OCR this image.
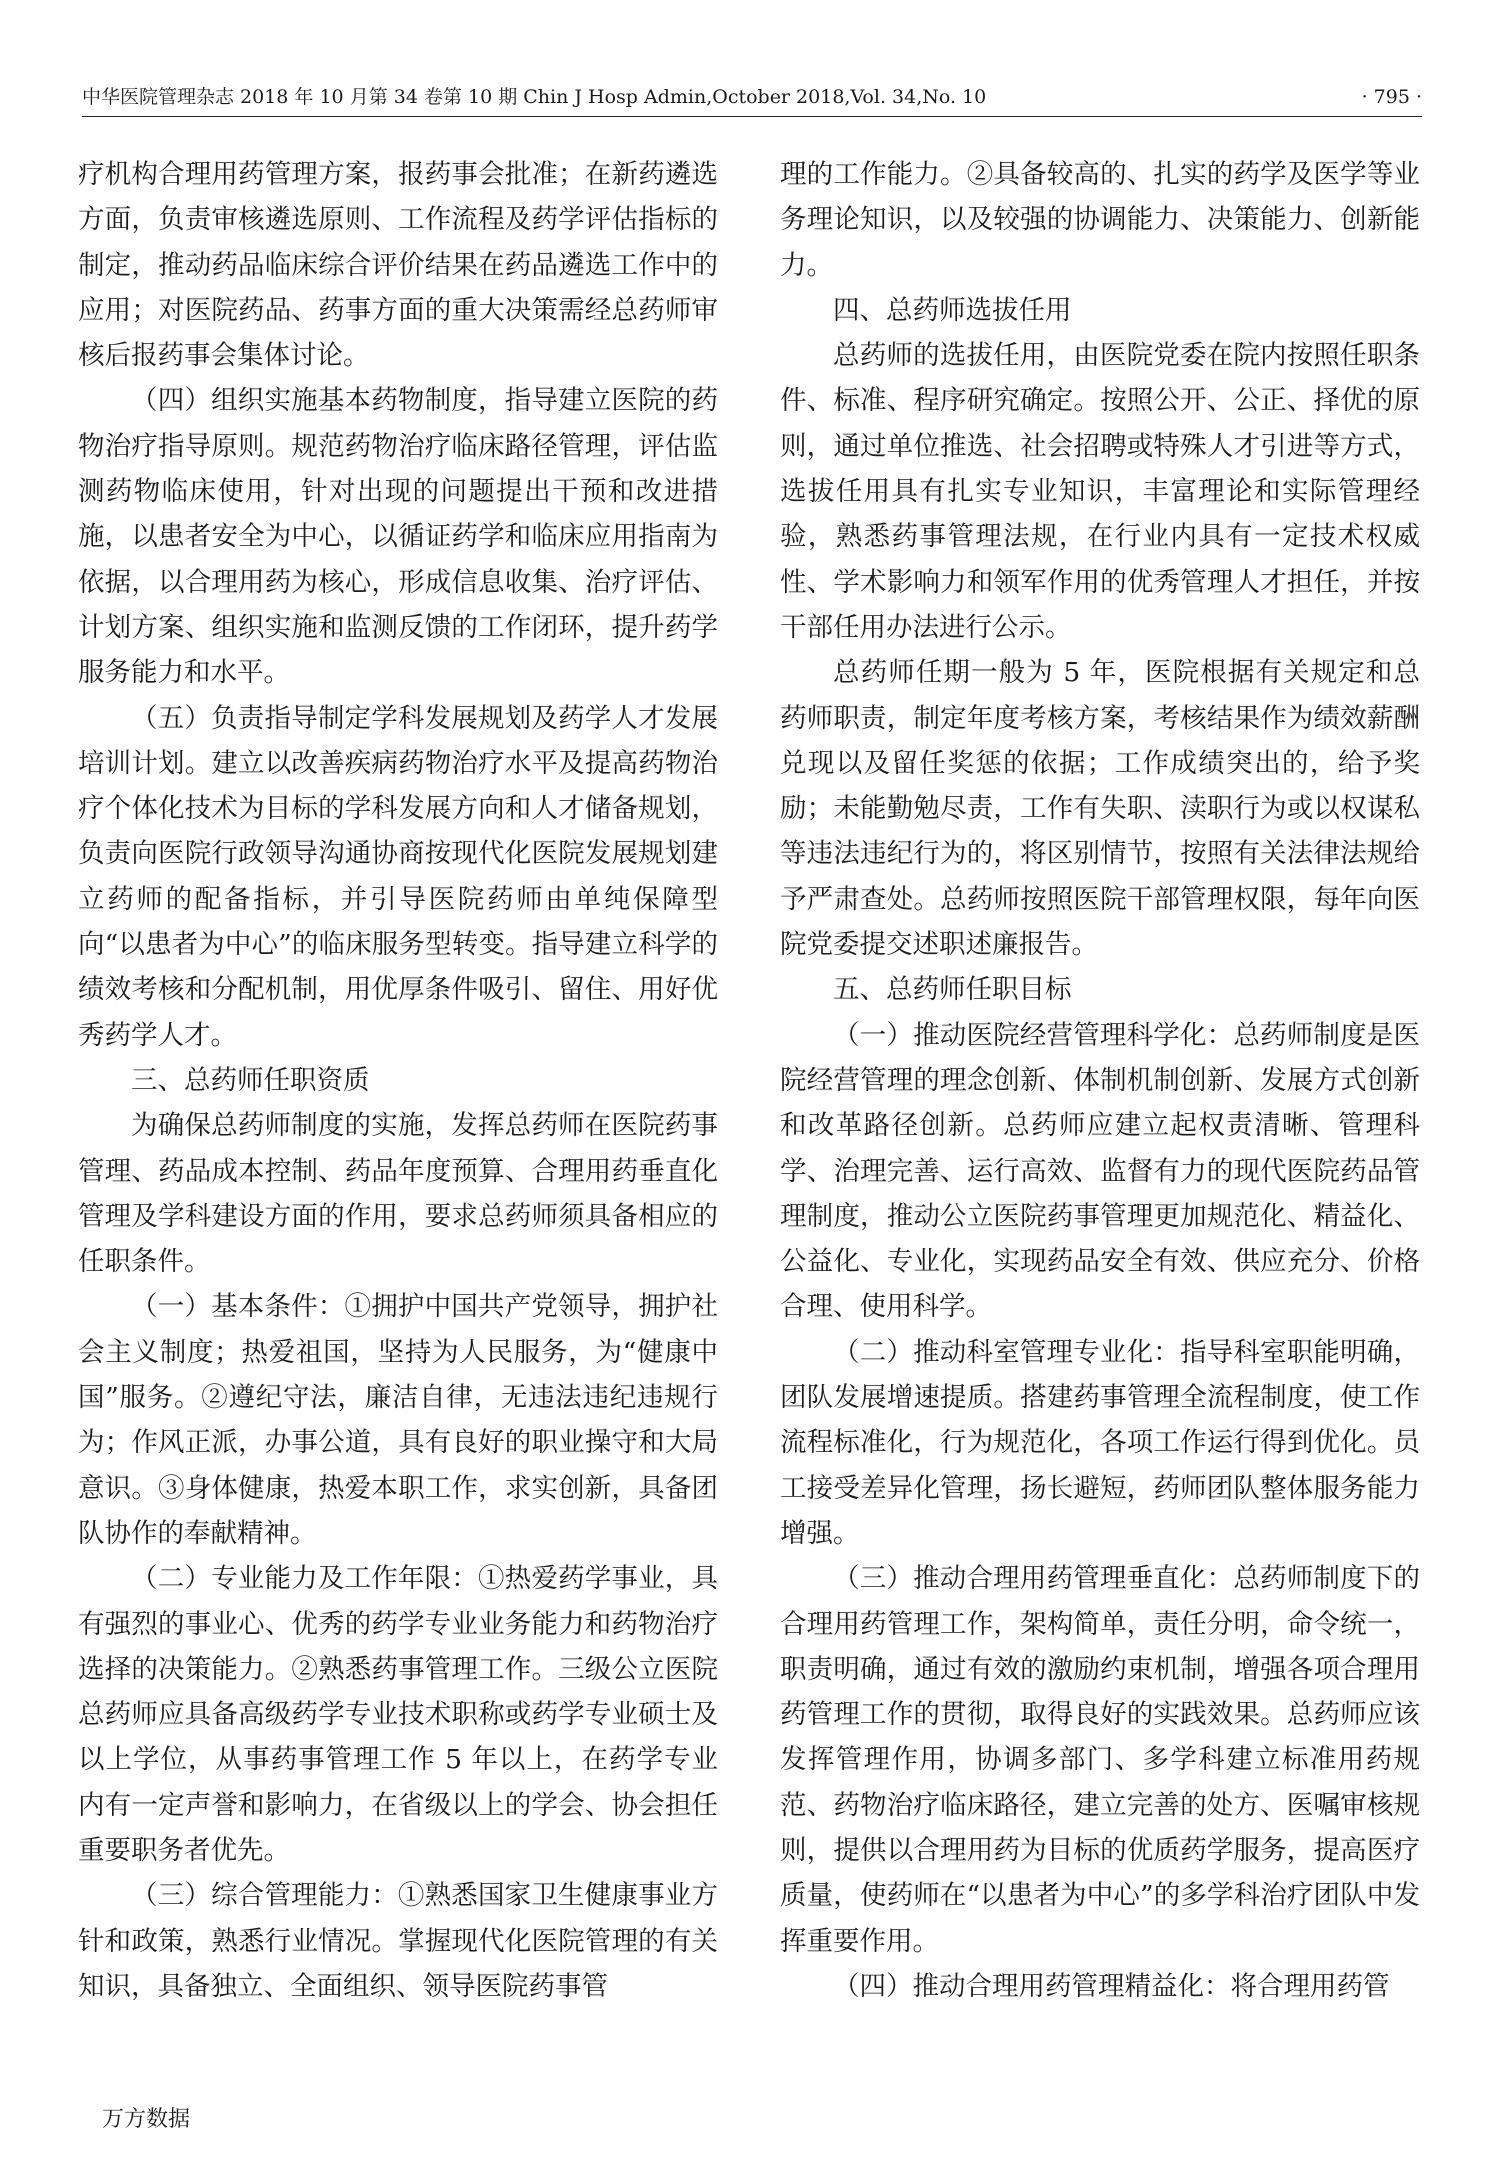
中华医院管理杂志 2018 年 10 月第 34 卷第 10 期 Chin J Hosp Admin,October 2018,Vol. 34,No. 10	· 795 ·

疗机构合理用药管理方案，报药事会批准；在新药遴选方面，负责审核遴选原则、工作流程及药学评估指标的制定，推动药品临床综合评价结果在药品遴选工作中的应用；对医院药品、药事方面的重大决策需经总药师审核后报药事会集体讨论。

（四）组织实施基本药物制度，指导建立医院的药物治疗指导原则。规范药物治疗临床路径管理，评估监测药物临床使用，针对出现的问题提出干预和改进措施，以患者安全为中心，以循证药学和临床应用指南为依据，以合理用药为核心，形成信息收集、治疗评估、计划方案、组织实施和监测反馈的工作闭环，提升药学服务能力和水平。

（五）负责指导制定学科发展规划及药学人才发展培训计划。建立以改善疾病药物治疗水平及提高药物治疗个体化技术为目标的学科发展方向和人才储备规划，负责向医院行政领导沟通协商按现代化医院发展规划建立药师的配备指标，并引导医院药师由单纯保障型向“以患者为中心”的临床服务型转变。指导建立科学的绩效考核和分配机制，用优厚条件吸引、留住、用好优秀药学人才。

三、总药师任职资质

为确保总药师制度的实施，发挥总药师在医院药事管理、药品成本控制、药品年度预算、合理用药垂直化管理及学科建设方面的作用，要求总药师须具备相应的任职条件。

（一）基本条件：①拥护中国共产党领导，拥护社会主义制度；热爱祖国，坚持为人民服务，为“健康中国”服务。②遵纪守法，廉洁自律，无违法违纪违规行为；作风正派，办事公道，具有良好的职业操守和大局意识。③身体健康，热爱本职工作，求实创新，具备团队协作的奉献精神。

（二）专业能力及工作年限：①热爱药学事业，具有强烈的事业心、优秀的药学专业业务能力和药物治疗选择的决策能力。②熟悉药事管理工作。三级公立医院总药师应具备高级药学专业技术职称或药学专业硕士及以上学位，从事药事管理工作 5 年以上，在药学专业内有一定声誉和影响力，在省级以上的学会、协会担任重要职务者优先。

（三）综合管理能力：①熟悉国家卫生健康事业方针和政策，熟悉行业情况。掌握现代化医院管理的有关知识，具备独立、全面组织、领导医院药事管

理的工作能力。②具备较高的、扎实的药学及医学等业务理论知识，以及较强的协调能力、决策能力、创新能力。

四、总药师选拔任用

总药师的选拔任用，由医院党委在院内按照任职条件、标准、程序研究确定。按照公开、公正、择优的原则，通过单位推选、社会招聘或特殊人才引进等方式，选拔任用具有扎实专业知识，丰富理论和实际管理经验，熟悉药事管理法规，在行业内具有一定技术权威性、学术影响力和领军作用的优秀管理人才担任，并按干部任用办法进行公示。

总药师任期一般为 5 年，医院根据有关规定和总药师职责，制定年度考核方案，考核结果作为绩效薪酬兑现以及留任奖惩的依据；工作成绩突出的，给予奖励；未能勤勉尽责，工作有失职、渎职行为或以权谋私等违法违纪行为的，将区别情节，按照有关法律法规给予严肃查处。总药师按照医院干部管理权限，每年向医院党委提交述职述廉报告。

五、总药师任职目标

（一）推动医院经营管理科学化：总药师制度是医院经营管理的理念创新、体制机制创新、发展方式创新和改革路径创新。总药师应建立起权责清晰、管理科学、治理完善、运行高效、监督有力的现代医院药品管理制度，推动公立医院药事管理更加规范化、精益化、公益化、专业化，实现药品安全有效、供应充分、价格合理、使用科学。

（二）推动科室管理专业化：指导科室职能明确，团队发展增速提质。搭建药事管理全流程制度，使工作流程标准化，行为规范化，各项工作运行得到优化。员工接受差异化管理，扬长避短，药师团队整体服务能力增强。

（三）推动合理用药管理垂直化：总药师制度下的合理用药管理工作，架构简单，责任分明，命令统一，职责明确，通过有效的激励约束机制，增强各项合理用药管理工作的贯彻，取得良好的实践效果。总药师应该发挥管理作用，协调多部门、多学科建立标准用药规范、药物治疗临床路径，建立完善的处方、医嘱审核规则，提供以合理用药为目标的优质药学服务，提高医疗质量，使药师在“以患者为中心”的多学科治疗团队中发挥重要作用。

（四）推动合理用药管理精益化：将合理用药管

万方数据
